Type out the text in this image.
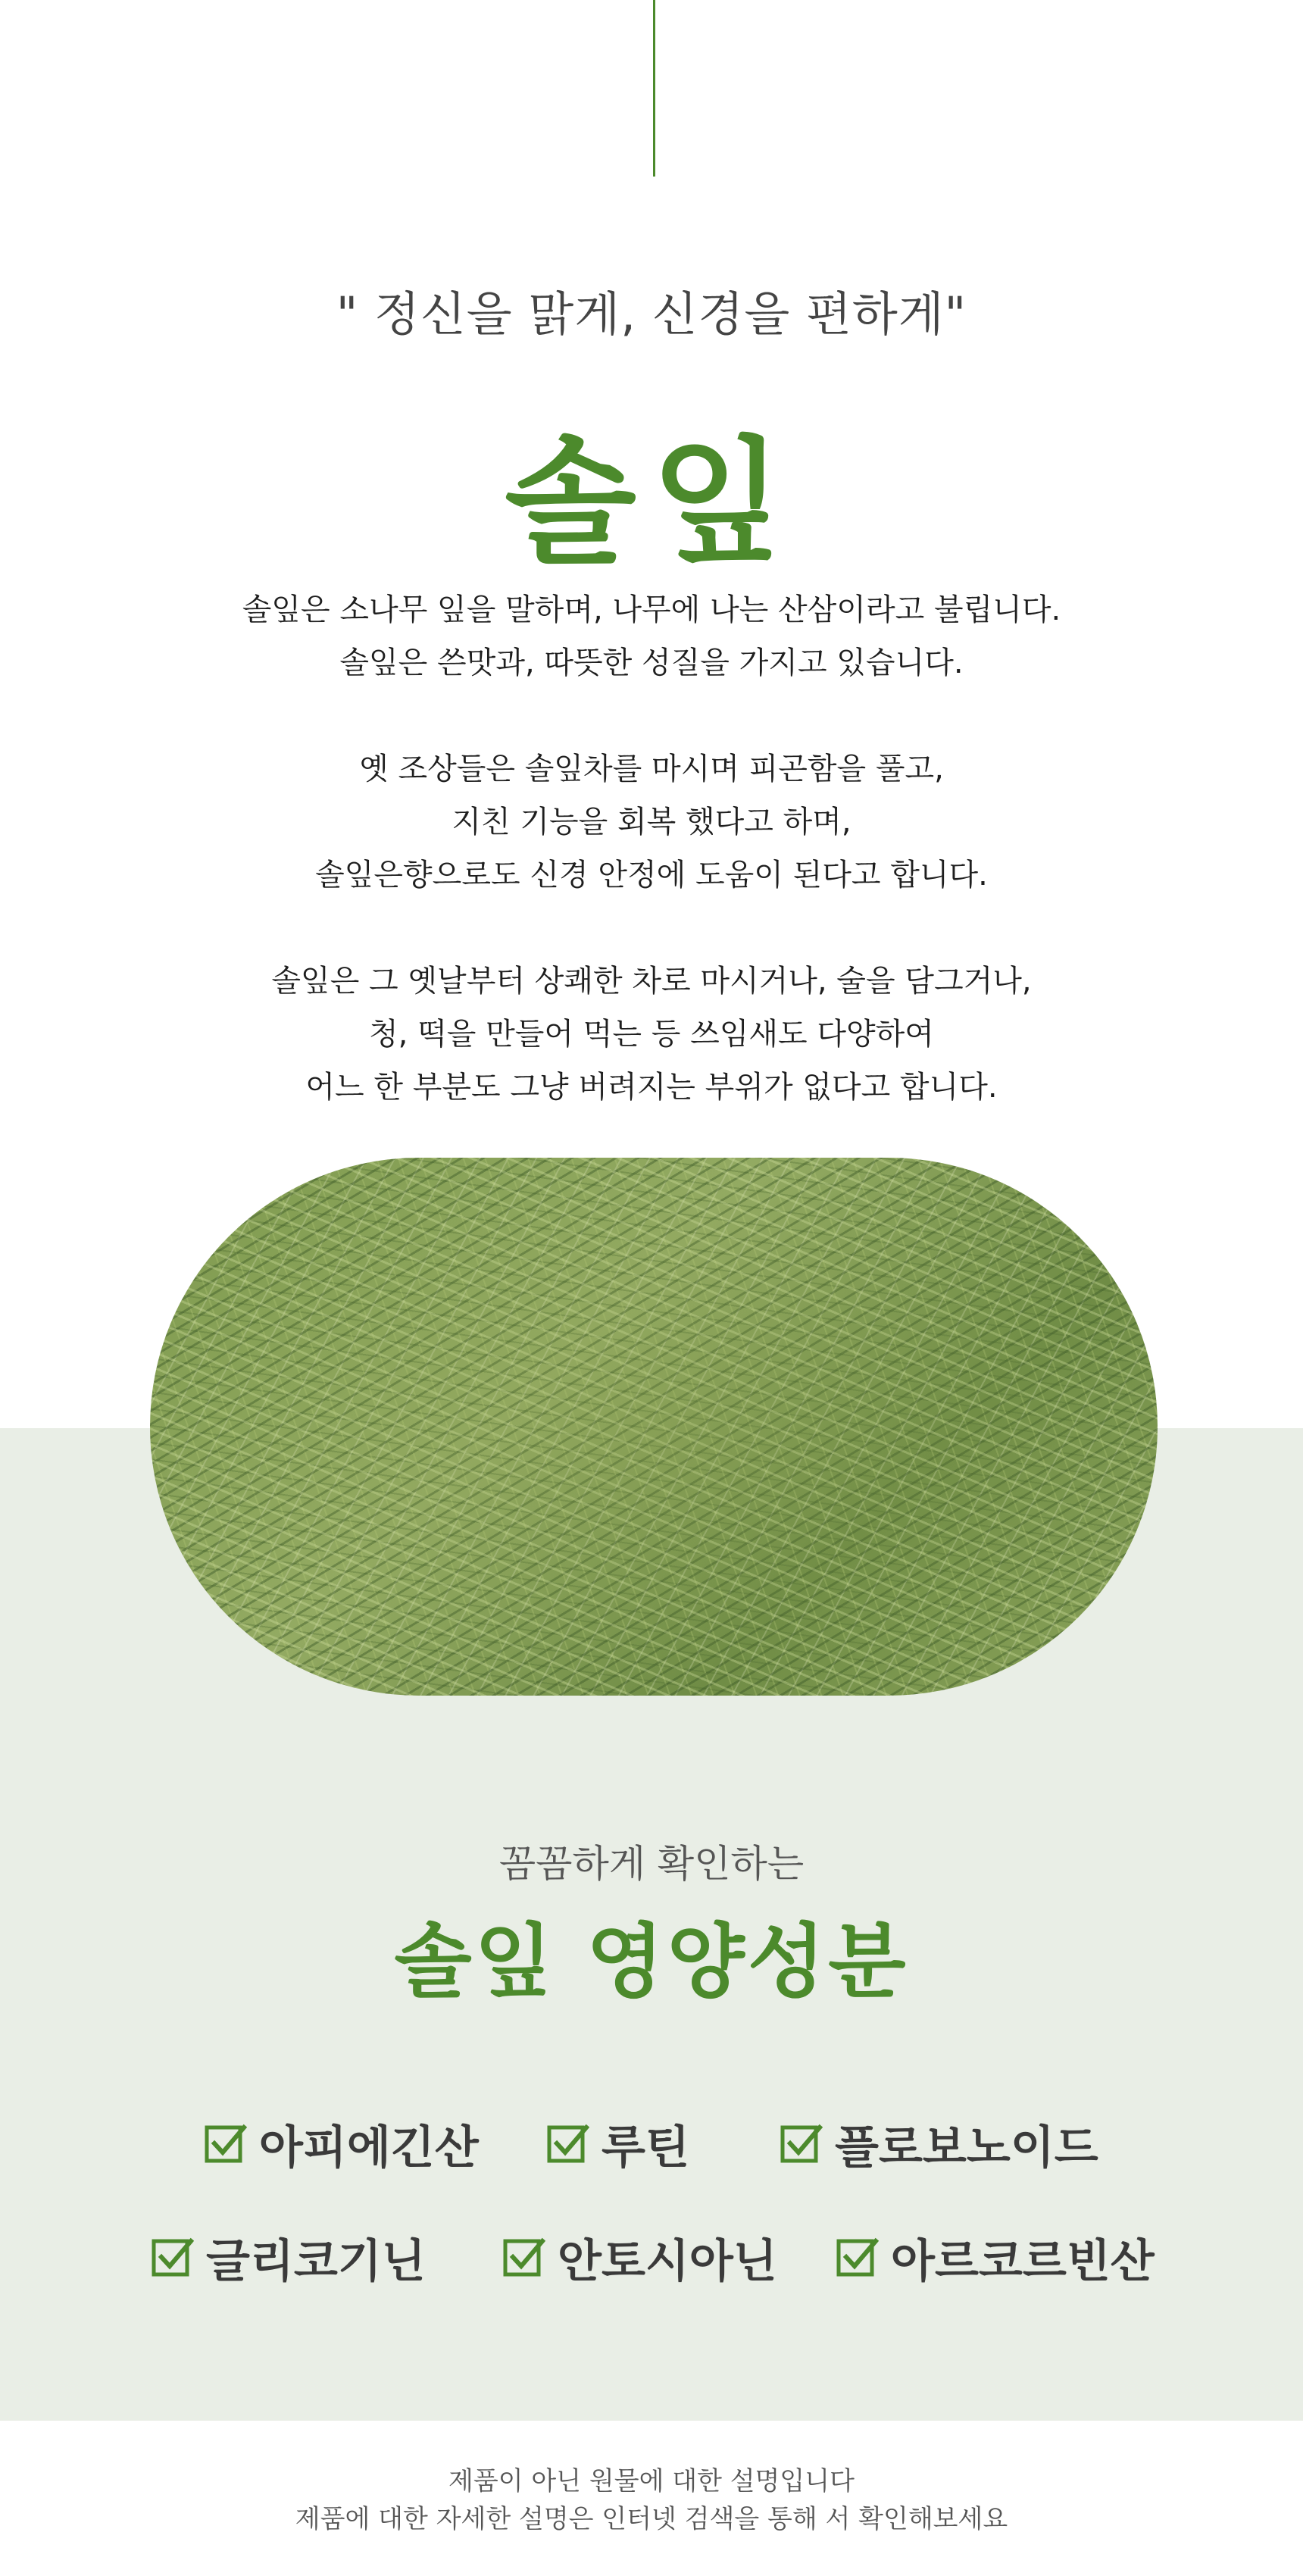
" 정신을 맑게, 신경을 편하게"
솔잎

솔잎은 소나무 잎을 말하며, 나무에 나는 산삼이라고 불립니다.

솔잎은 쓴맛과, 따뜻한 성질을 가지고 있습니다.

옛 조상들은 솔잎차를 마시며 피곤함을 풀고,

지친 기능을 회복 했다고 하며,

솔잎은향으로도 신경 안정에 도움이 된다고 합니다.

솔잎은 그 옛날부터 상쾌한 차로 마시거나, 술을 담그거나,

청, 떡을 만들어 먹는 등 쓰임새도 다양하여

어느 한 부분도 그냥 버려지는 부위가 없다고 합니다.

꼼꼼하게 확인하는
솔잎 영양성분
아피에긴산	루틴	플로보노이드
글리코기닌	안토시아닌	아르코르빈산

제품이 아닌 원물에 대한 설명입니다

제품에 대한 자세한 설명은 인터넷 검색을 통해 서 확인해보세요
